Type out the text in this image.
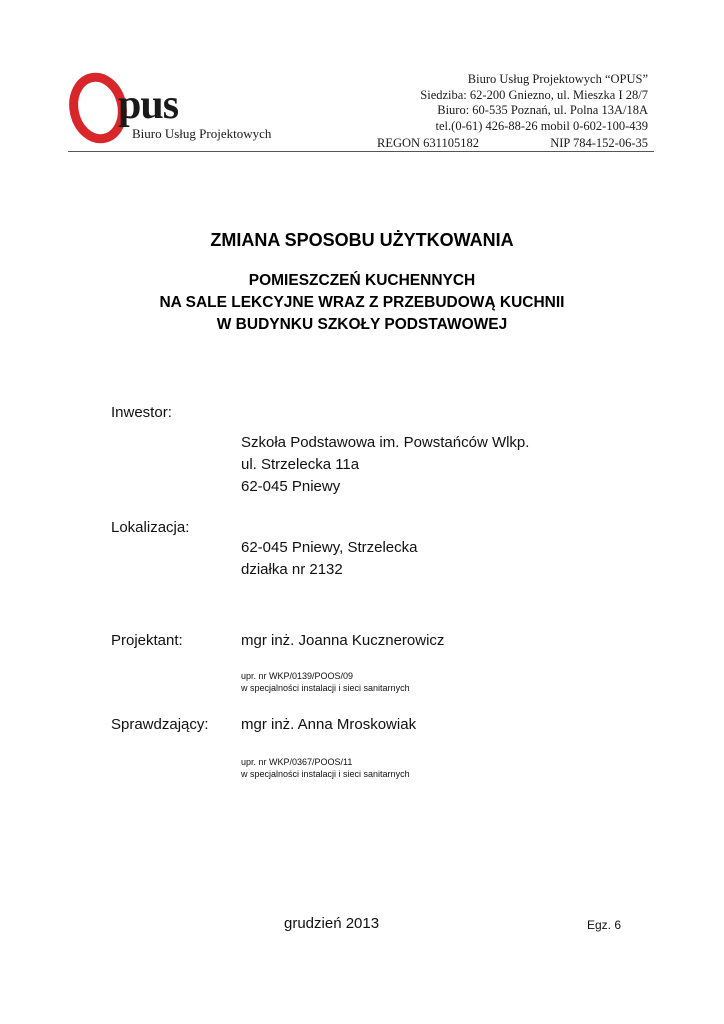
pus
Biuro Usług Projektowych
Biuro Usług Projektowych “OPUS”
Siedziba: 62-200 Gniezno, ul. Mieszka I 28/7
Biuro: 60-535 Poznań, ul. Polna 13A/18A
tel.(0-61) 426-88-26 mobil 0-602-100-439
REGON 631105182	NIP 784-152-06-35
ZMIANA SPOSOBU UŻYTKOWANIA
POMIESZCZEŃ KUCHENNYCH
NA SALE LEKCYJNE WRAZ Z PRZEBUDOWĄ KUCHNII
W BUDYNKU SZKOŁY PODSTAWOWEJ
Inwestor:
Szkoła Podstawowa im. Powstańców Wlkp.
ul. Strzelecka 11a
62-045 Pniewy
Lokalizacja:
62-045 Pniewy, Strzelecka
działka nr 2132
Projektant:	mgr inż. Joanna Kucznerowicz
upr. nr WKP/0139/POOS/09
w specjalności instalacji i sieci sanitarnych
Sprawdzający: mgr inż. Anna Mroskowiak
upr. nr WKP/0367/POOS/11
w specjalności instalacji i sieci sanitarnych
grudzień 2013	Egz. 6
